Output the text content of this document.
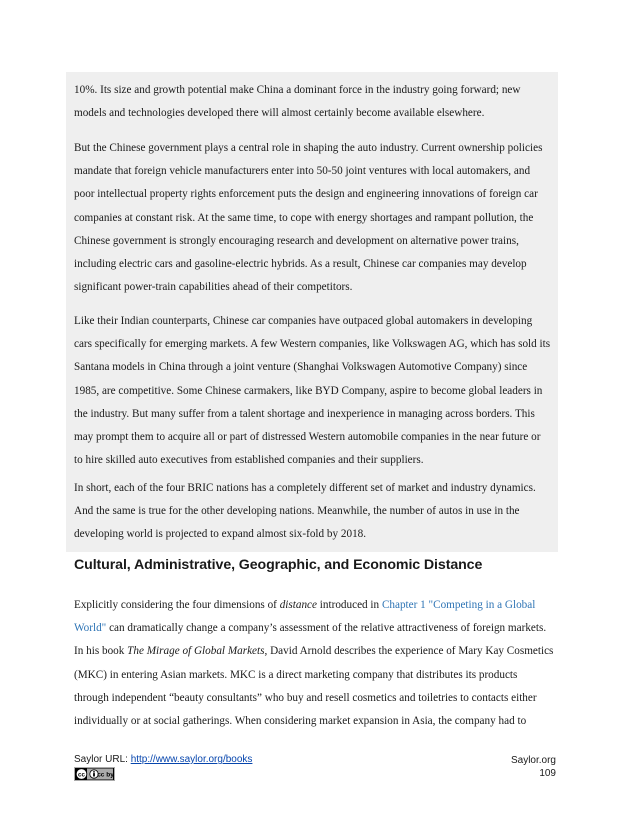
10%. Its size and growth potential make China a dominant force in the industry going forward; new
models and technologies developed there will almost certainly become available elsewhere.

But the Chinese government plays a central role in shaping the auto industry. Current ownership policies
mandate that foreign vehicle manufacturers enter into 50-50 joint ventures with local automakers, and
poor intellectual property rights enforcement puts the design and engineering innovations of foreign car
companies at constant risk. At the same time, to cope with energy shortages and rampant pollution, the
Chinese government is strongly encouraging research and development on alternative power trains,
including electric cars and gasoline-electric hybrids. As a result, Chinese car companies may develop
significant power-train capabilities ahead of their competitors.

Like their Indian counterparts, Chinese car companies have outpaced global automakers in developing
cars specifically for emerging markets. A few Western companies, like Volkswagen AG, which has sold its
Santana models in China through a joint venture (Shanghai Volkswagen Automotive Company) since
1985, are competitive. Some Chinese carmakers, like BYD Company, aspire to become global leaders in
the industry. But many suffer from a talent shortage and inexperience in managing across borders. This
may prompt them to acquire all or part of distressed Western automobile companies in the near future or
to hire skilled auto executives from established companies and their suppliers.

In short, each of the four BRIC nations has a completely different set of market and industry dynamics.
And the same is true for the other developing nations. Meanwhile, the number of autos in use in the
developing world is projected to expand almost six-fold by 2018.

Cultural, Administrative, Geographic, and Economic Distance

Explicitly considering the four dimensions of distance introduced in Chapter 1 "Competing in a Global
World" can dramatically change a company’s assessment of the relative attractiveness of foreign markets.
In his book The Mirage of Global Markets, David Arnold describes the experience of Mary Kay Cosmetics
(MKC) in entering Asian markets. MKC is a direct marketing company that distributes its products
through independent “beauty consultants” who buy and resell cosmetics and toiletries to contacts either
individually or at social gatherings. When considering market expansion in Asia, the company had to

Saylor URL: http://www.saylor.org/books
cc cc by
Saylor.org
109
